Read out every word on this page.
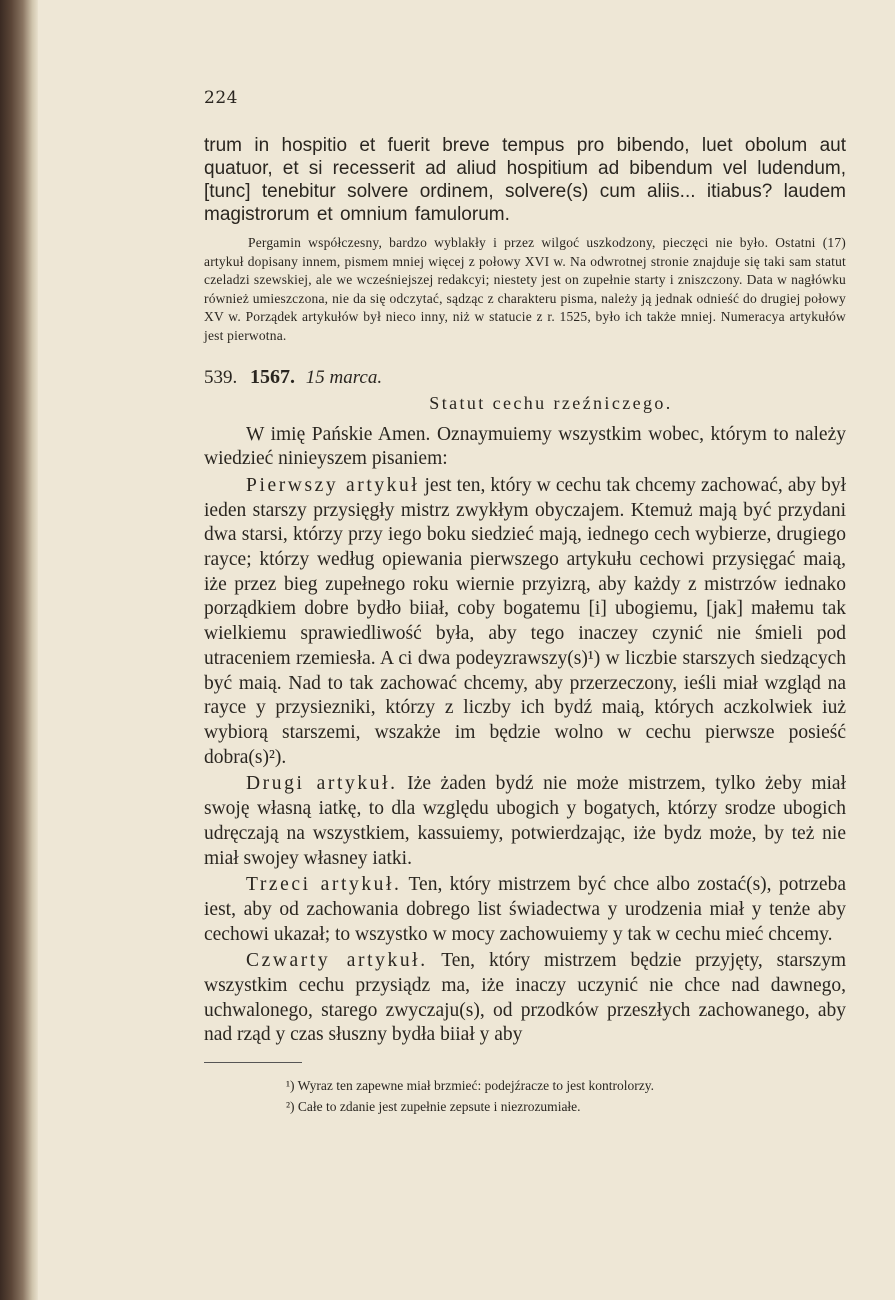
224

trum in hospitio et fuerit breve tempus pro bibendo, luet obolum aut quatuor, et si recesserit ad aliud hospitium ad bibendum vel ludendum, [tunc] tenebitur solvere ordinem, solvere(s) cum aliis... itiabus? laudem magistrorum et omnium famulorum.

Pergamin współczesny, bardzo wyblakły i przez wilgoć uszkodzony, pieczęci nie było. Ostatni (17) artykuł dopisany innem, pismem mniej więcej z połowy XVI w. Na odwrotnej stronie znajduje się taki sam statut czeladzi szewskiej, ale we wcześniejszej redakcyi; niestety jest on zupełnie starty i zniszczony. Data w nagłówku również umieszczona, nie da się odczytać, sądząc z charakteru pisma, należy ją jednak odnieść do drugiej połowy XV w. Porządek artykułów był nieco inny, niż w statucie z r. 1525, było ich także mniej. Numeracya artykułów jest pierwotna.

539. 1567. 15 marca.
Statut cechu rzeźniczego.

W imię Pańskie Amen. Oznaymuiemy wszystkim wobec, którym to należy wiedzieć ninieyszem pisaniem:

Pierwszy artykuł jest ten, który w cechu tak chcemy zachować, aby był ieden starszy przysięgły mistrz zwykłym obyczajem. Ktemuż mają być przydani dwa starsi, którzy przy iego boku siedzieć mają, iednego cech wybierze, drugiego rayce; którzy według opiewania pierwszego artykułu cechowi przysięgać maią, iże przez bieg zupełnego roku wiernie przyizrą, aby każdy z mistrzów iednako porządkiem dobre bydło biiał, coby bogatemu [i] ubogiemu, [jak] małemu tak wielkiemu sprawiedliwość była, aby tego inaczey czynić nie śmieli pod utraceniem rzemiesła. A ci dwa podeyzrawszy(s)¹) w liczbie starszych siedzących być maią. Nad to tak zachować chcemy, aby przerzeczony, ieśli miał wzgląd na rayce y przysiezniki, którzy z liczby ich bydź maią, których aczkolwiek iuż wybiorą starszemi, wszakże im będzie wolno w cechu pierwsze posieść dobra(s)²).

Drugi artykuł. Iże żaden bydź nie może mistrzem, tylko żeby miał swoję własną iatkę, to dla względu ubogich y bogatych, którzy srodze ubogich udręczają na wszystkiem, kassuiemy, potwierdzając, iże bydz może, by też nie miał swojey własney iatki.

Trzeci artykuł. Ten, który mistrzem być chce albo zostać(s), potrzeba iest, aby od zachowania dobrego list świadectwa y urodzenia miał y tenże aby cechowi ukazał; to wszystko w mocy zachowuiemy y tak w cechu mieć chcemy.

Czwarty artykuł. Ten, który mistrzem będzie przyjęty, starszym wszystkim cechu przysiądz ma, iże inaczy uczynić nie chce nad dawnego, uchwalonego, starego zwyczaju(s), od przodków przeszłych zachowanego, aby nad rząd y czas słuszny bydła biiał y aby

¹) Wyraz ten zapewne miał brzmieć: podejźracze to jest kontrolorzy.
²) Całe to zdanie jest zupełnie zepsute i niezrozumiałe.
